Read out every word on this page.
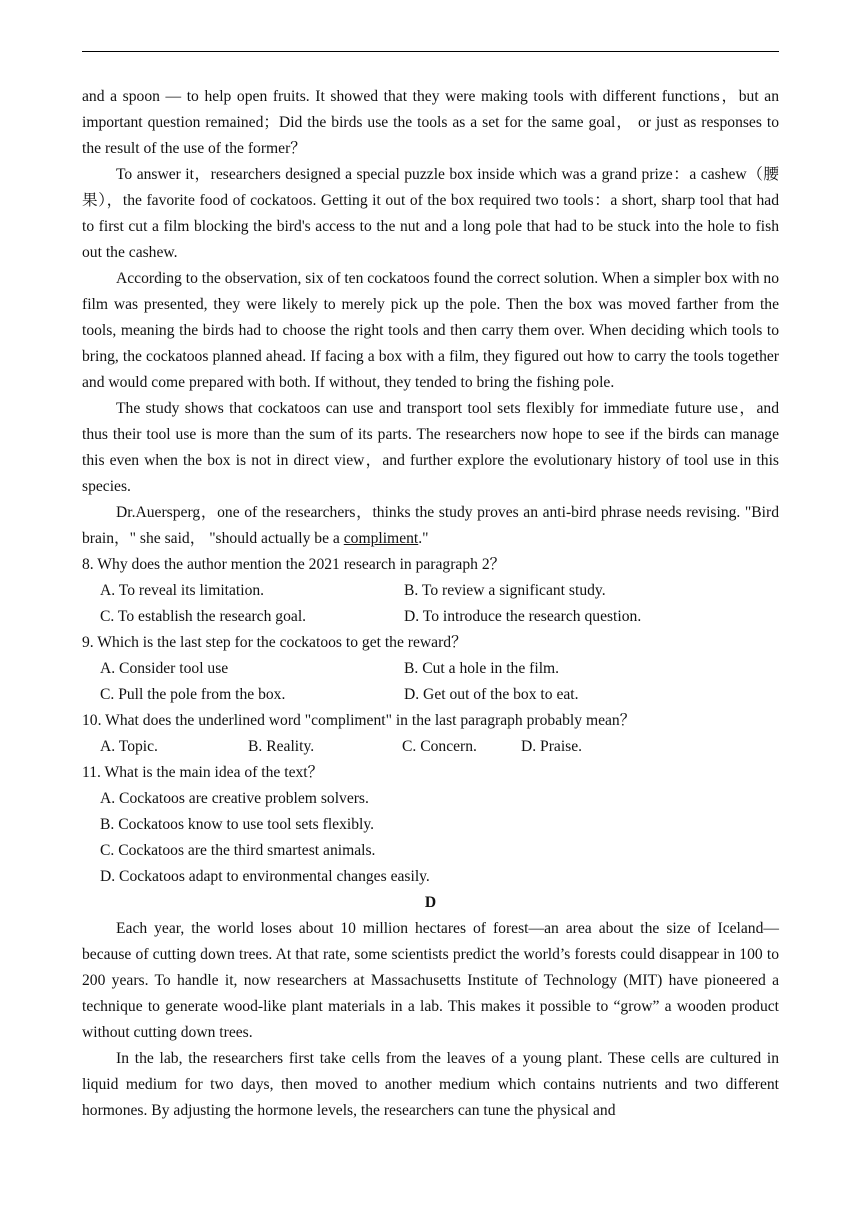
and a spoon — to help open fruits. It showed that they were making tools with different functions，but an important question remained；Did the birds use the tools as a set for the same goal， or just as responses to the result of the use of the former？

To answer it，researchers designed a special puzzle box inside which was a grand prize：a cashew（腰果），the favorite food of cockatoos. Getting it out of the box required two tools：a short, sharp tool that had to first cut a film blocking the bird's access to the nut and a long pole that had to be stuck into the hole to fish out the cashew.

According to the observation, six of ten cockatoos found the correct solution. When a simpler box with no film was presented, they were likely to merely pick up the pole. Then the box was moved farther from the tools, meaning the birds had to choose the right tools and then carry them over. When deciding which tools to bring, the cockatoos planned ahead. If facing a box with a film, they figured out how to carry the tools together and would come prepared with both. If without, they tended to bring the fishing pole.

The study shows that cockatoos can use and transport tool sets flexibly for immediate future use，and thus their tool use is more than the sum of its parts. The researchers now hope to see if the birds can manage this even when the box is not in direct view，and further explore the evolutionary history of tool use in this species.

Dr.Auersperg，one of the researchers，thinks the study proves an anti-bird phrase needs revising. "Bird brain，" she said， "should actually be a compliment."

8. Why does the author mention the 2021 research in paragraph 2？

A. To reveal its limitation.	B. To review a significant study.
C. To establish the research goal.	D. To introduce the research question.

9. Which is the last step for the cockatoos to get the reward？

A. Consider tool use	B. Cut a hole in the film.
C. Pull the pole from the box.	D. Get out of the box to eat.

10. What does the underlined word "compliment" in the last paragraph probably mean？

A. Topic.	B. Reality.	C. Concern.	D. Praise.

11. What is the main idea of the text？

A. Cockatoos are creative problem solvers.

B. Cockatoos know to use tool sets flexibly.

C. Cockatoos are the third smartest animals.

D. Cockatoos adapt to environmental changes easily.

D

Each year, the world loses about 10 million hectares of forest—an area about the size of Iceland—because of cutting down trees. At that rate, some scientists predict the world’s forests could disappear in 100 to 200 years. To handle it, now researchers at Massachusetts Institute of Technology (MIT) have pioneered a technique to generate wood-like plant materials in a lab. This makes it possible to “grow” a wooden product without cutting down trees.

In the lab, the researchers first take cells from the leaves of a young plant. These cells are cultured in liquid medium for two days, then moved to another medium which contains nutrients and two different hormones. By adjusting the hormone levels, the researchers can tune the physical and
